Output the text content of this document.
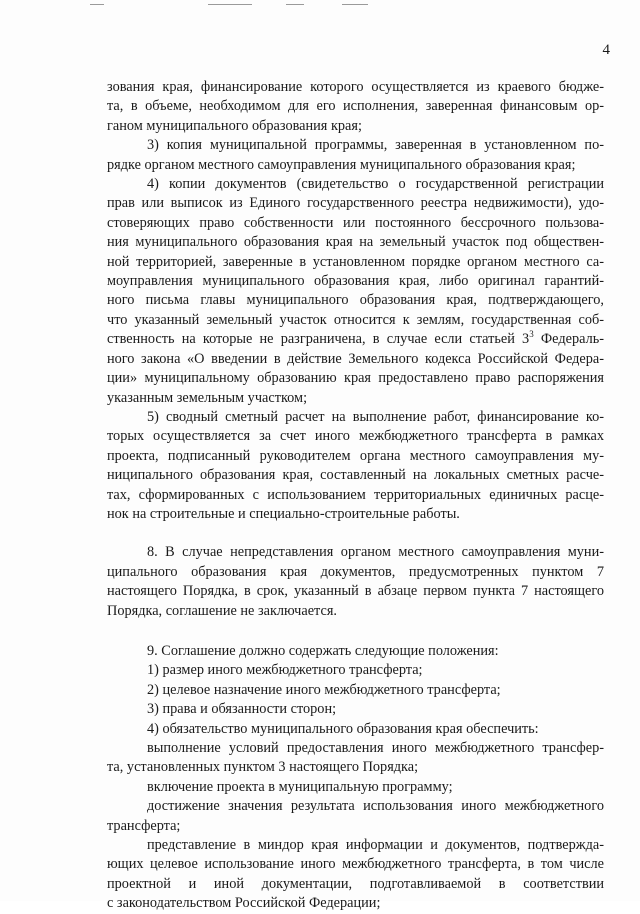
4

зования края, финансирование которого осуществляется из краевого бюдже-
та, в объеме, необходимом для его исполнения, заверенная финансовым ор-
ганом муниципального образования края;

3) копия муниципальной программы, заверенная в установленном по-
рядке органом местного самоуправления муниципального образования края;

4) копии документов (свидетельство о государственной регистрации
прав или выписок из Единого государственного реестра недвижимости), удо-
стоверяющих право собственности или постоянного бессрочного пользова-
ния муниципального образования края на земельный участок под обществен-
ной территорией, заверенные в установленном порядке органом местного са-
моуправления муниципального образования края, либо оригинал гарантий-
ного письма главы муниципального образования края, подтверждающего,
что указанный земельный участок относится к землям, государственная соб-
ственность на которые не разграничена, в случае если статьей $3^3$ Федераль-
ного закона «О введении в действие Земельного кодекса Российской Федера-
ции» муниципальному образованию края предоставлено право распоряжения
указанным земельным участком;

5) сводный сметный расчет на выполнение работ, финансирование ко-
торых осуществляется за счет иного межбюджетного трансферта в рамках
проекта, подписанный руководителем органа местного самоуправления му-
ниципального образования края, составленный на локальных сметных расче-
тах, сформированных с использованием территориальных единичных расце-
нок на строительные и специально-строительные работы.

8. В случае непредставления органом местного самоуправления муни-
ципального образования края документов, предусмотренных пунктом 7
настоящего Порядка, в срок, указанный в абзаце первом пункта 7 настоящего
Порядка, соглашение не заключается.

9. Соглашение должно содержать следующие положения:

1) размер иного межбюджетного трансферта;

2) целевое назначение иного межбюджетного трансферта;

3) права и обязанности сторон;

4) обязательство муниципального образования края обеспечить:

выполнение условий предоставления иного межбюджетного трансфер-
та, установленных пунктом 3 настоящего Порядка;

включение проекта в муниципальную программу;

достижение значения результата использования иного межбюджетного
трансферта;

представление в миндор края информации и документов, подтвержда-
ющих целевое использование иного межбюджетного трансферта, в том числе
проектной и иной документации, подготавливаемой в соответствии
с законодательством Российской Федерации;
